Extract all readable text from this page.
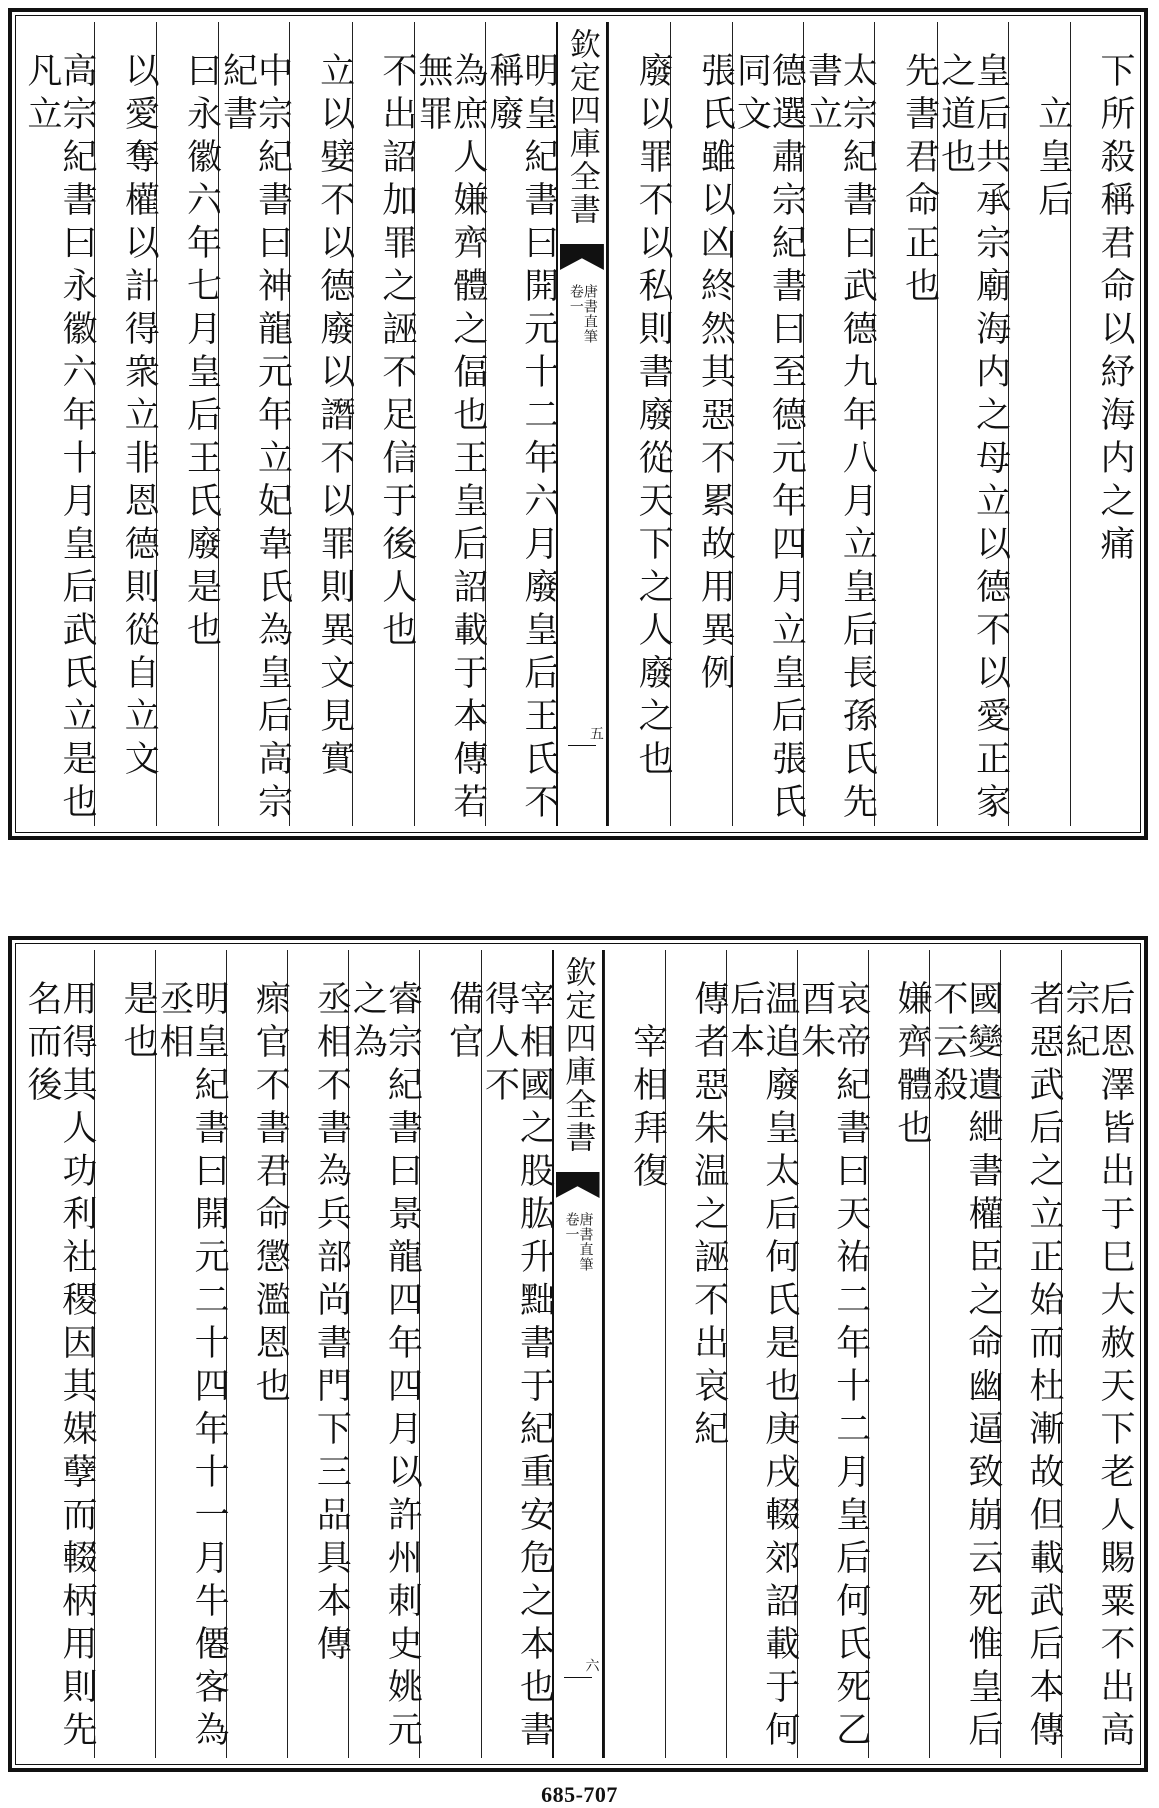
下所殺稱君命以紓海内之痛
　立皇后
皇后共承宗廟海内之母立以德不以愛正家之道也
先書君命正也
太宗紀書曰武德九年八月立皇后長孫氏先書立
德選肅宗紀書曰至德元年四月立皇后張氏同文
張氏雖以凶終然其惡不累故用異例
廢以罪不以私則書廢從天下之人廢之也
欽定四庫全書
唐書直筆
卷一
五
明皇紀書曰開元十二年六月廢皇后王氏不稱廢
為庶人嫌齊體之偪也王皇后詔載于本傳若無罪
不出詔加罪之誣不足信于後人也
立以嬖不以德廢以譖不以罪則異文見實
中宗紀書曰神龍元年立妃韋氏為皇后高宗紀書
曰永徽六年七月皇后王氏廢是也
以愛奪權以計得衆立非恩德則從自立文
高宗紀書曰永徽六年十月皇后武氏立是也凡立
后恩澤皆出于巳大赦天下老人賜粟不出高宗紀
者惡武后之立正始而杜漸故但載武后本傳
國變遺紲書權臣之命幽逼致崩云死惟皇后不云殺
嫌齊體也
哀帝紀書曰天祐二年十二月皇后何氏死乙酉朱
温追廢皇太后何氏是也庚戌輟郊詔載于何后本
傳者惡朱温之誣不出哀紀
　宰相拜復
欽定四庫全書
唐書直筆
卷一
六
宰相國之股肱升黜書于紀重安危之本也書得人不
備官
睿宗紀書曰景龍四年四月以許州刺史姚元之為
丞相不書為兵部尚書門下三品具本傳
瘝官不書君命懲濫恩也
明皇紀書曰開元二十四年十一月牛僊客為丞相
是也
用得其人功利社稷因其媒孽而輟柄用則先名而後
685-707
